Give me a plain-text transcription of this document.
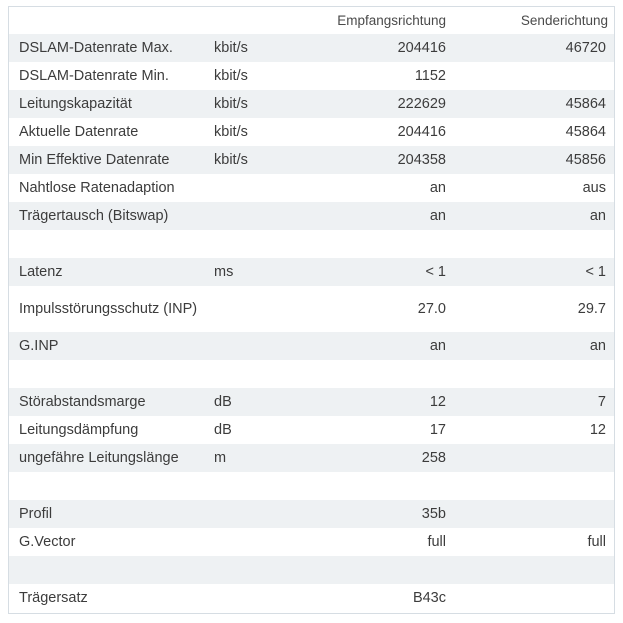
		Empfangsrichtung	Senderichtung
DSLAM-Datenrate Max.	kbit/s	204416	46720
DSLAM-Datenrate Min.	kbit/s	1152	
Leitungskapazität	kbit/s	222629	45864
Aktuelle Datenrate	kbit/s	204416	45864
Min Effektive Datenrate	kbit/s	204358	45856
Nahtlose Ratenadaption		an	aus
Trägertausch (Bitswap)		an	an

Latenz	ms	< 1	< 1
Impulsstörungsschutz (INP)		27.0	29.7
G.INP		an	an

Störabstandsmarge	dB	12	7
Leitungsdämpfung	dB	17	12
ungefähre Leitungslänge	m	258	

Profil		35b	
G.Vector		full	full

Trägersatz		B43c	
